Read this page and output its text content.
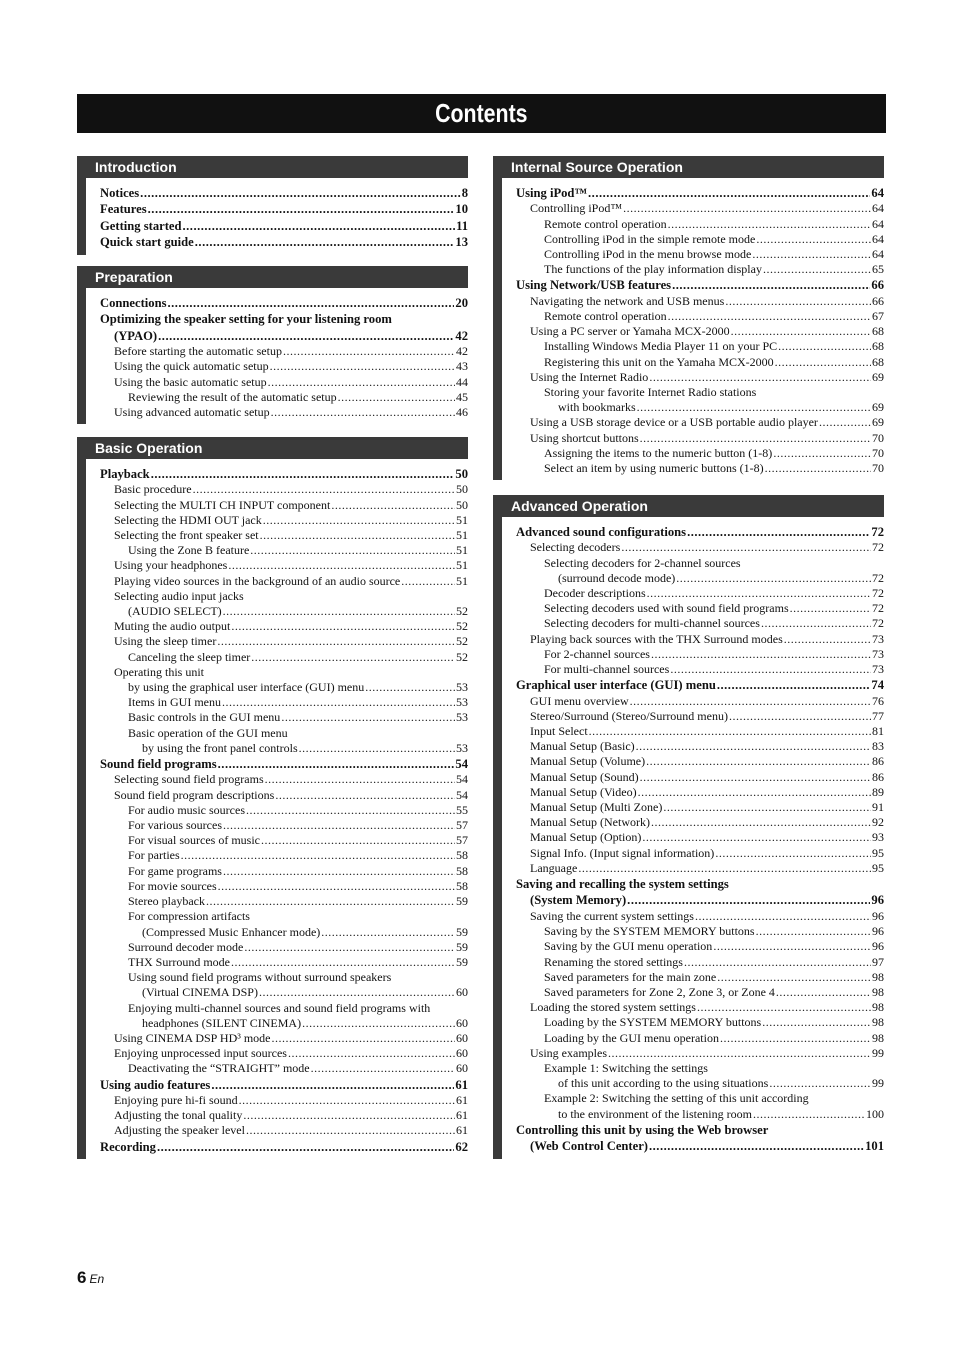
Contents
Introduction
Notices .....	8
Features .....	10
Getting started .....	11
Quick start guide .....	13
Preparation
Connections .....	20
Optimizing the speaker setting for your listening room
(YPAO) .....	42
Before starting the automatic setup .....	42
Using the quick automatic setup .....	43
Using the basic automatic setup .....	44
Reviewing the result of the automatic setup .....	45
Using advanced automatic setup .....	46
Basic Operation
Playback .....	50
Basic procedure .....	50
Selecting the MULTI CH INPUT component .....	50
Selecting the HDMI OUT jack .....	51
Selecting the front speaker set .....	51
Using the Zone B feature .....	51
Using your headphones .....	51
Playing video sources in the background of an audio source .....	51
Selecting audio input jacks
(AUDIO SELECT) .....	52
Muting the audio output .....	52
Using the sleep timer .....	52
Canceling the sleep timer .....	52
Operating this unit
by using the graphical user interface (GUI) menu .....	53
Items in GUI menu .....	53
Basic controls in the GUI menu .....	53
Basic operation of the GUI menu
by using the front panel controls .....	53
Sound field programs .....	54
Selecting sound field programs .....	54
Sound field program descriptions .....	54
For audio music sources .....	55
For various sources .....	57
For visual sources of music .....	57
For parties .....	58
For game programs .....	58
For movie sources .....	58
Stereo playback .....	59
For compression artifacts
(Compressed Music Enhancer mode) .....	59
Surround decoder mode .....	59
THX Surround mode .....	59
Using sound field programs without surround speakers
(Virtual CINEMA DSP) .....	60
Enjoying multi-channel sources and sound field programs with
headphones (SILENT CINEMA) .....	60
Using CINEMA DSP HD³ mode .....	60
Enjoying unprocessed input sources .....	60
Deactivating the “STRAIGHT” mode .....	60
Using audio features .....	61
Enjoying pure hi-fi sound .....	61
Adjusting the tonal quality .....	61
Adjusting the speaker level .....	61
Recording .....	62
Internal Source Operation
Using iPod™ .....	64
Controlling iPod™ .....	64
Remote control operation .....	64
Controlling iPod in the simple remote mode .....	64
Controlling iPod in the menu browse mode .....	64
The functions of the play information display .....	65
Using Network/USB features .....	66
Navigating the network and USB menus .....	66
Remote control operation .....	67
Using a PC server or Yamaha MCX-2000 .....	68
Installing Windows Media Player 11 on your PC .....	68
Registering this unit on the Yamaha MCX-2000 .....	68
Using the Internet Radio .....	69
Storing your favorite Internet Radio stations
with bookmarks .....	69
Using a USB storage device or a USB portable audio player .....	69
Using shortcut buttons .....	70
Assigning the items to the numeric button (1-8) .....	70
Select an item by using numeric buttons (1-8) .....	70
Advanced Operation
Advanced sound configurations .....	72
Selecting decoders .....	72
Selecting decoders for 2-channel sources
(surround decode mode) .....	72
Decoder descriptions .....	72
Selecting decoders used with sound field programs .....	72
Selecting decoders for multi-channel sources .....	72
Playing back sources with the THX Surround modes .....	73
For 2-channel sources .....	73
For multi-channel sources .....	73
Graphical user interface (GUI) menu .....	74
GUI menu overview .....	76
Stereo/Surround (Stereo/Surround menu) .....	77
Input Select .....	81
Manual Setup (Basic) .....	83
Manual Setup (Volume) .....	86
Manual Setup (Sound) .....	86
Manual Setup (Video) .....	89
Manual Setup (Multi Zone) .....	91
Manual Setup (Network) .....	92
Manual Setup (Option) .....	93
Signal Info. (Input signal information) .....	95
Language .....	95
Saving and recalling the system settings
(System Memory) .....	96
Saving the current system settings .....	96
Saving by the SYSTEM MEMORY buttons .....	96
Saving by the GUI menu operation .....	96
Renaming the stored settings .....	97
Saved parameters for the main zone .....	98
Saved parameters for Zone 2, Zone 3, or Zone 4 .....	98
Loading the stored system settings .....	98
Loading by the SYSTEM MEMORY buttons .....	98
Loading by the GUI menu operation .....	98
Using examples .....	99
Example 1: Switching the settings
of this unit according to the using situations .....	99
Example 2: Switching the setting of this unit according
to the environment of the listening room .....	100
Controlling this unit by using the Web browser
(Web Control Center) .....	101
6 En
